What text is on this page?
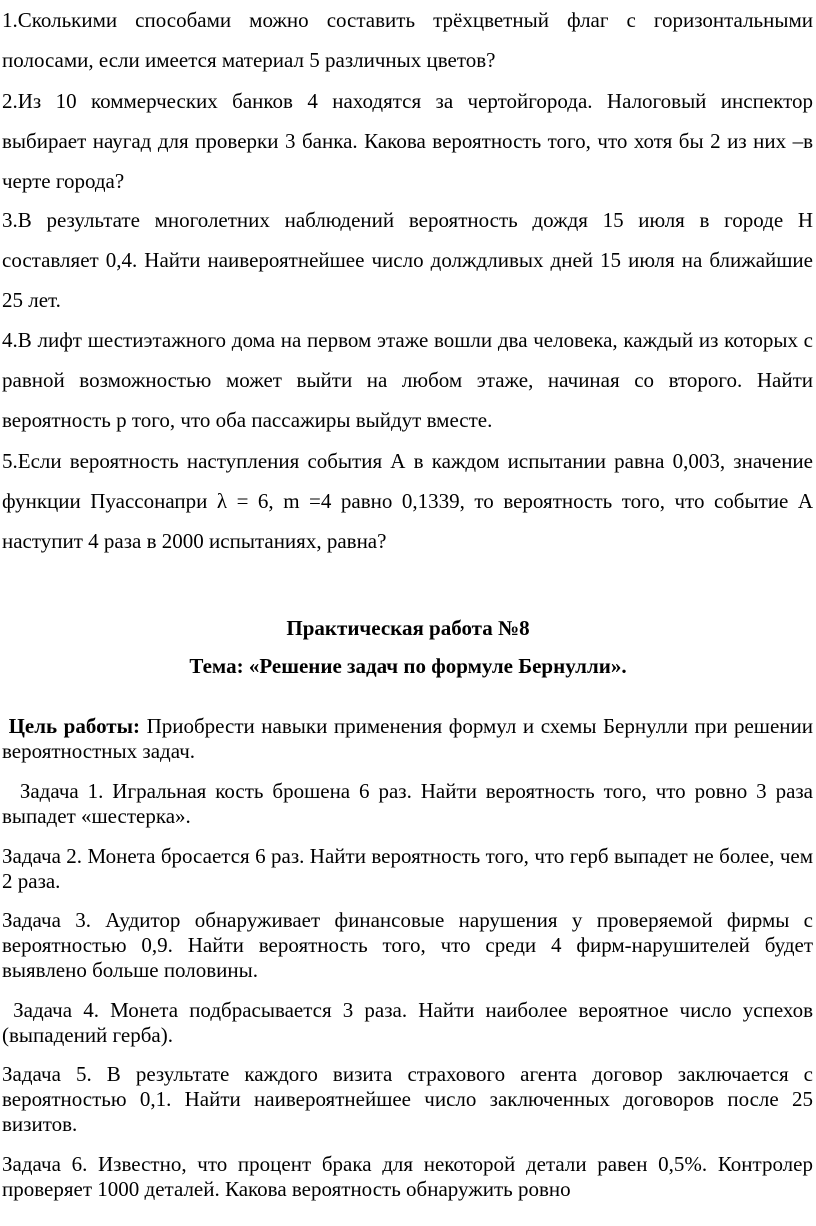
1.Сколькими способами можно составить трёхцветный флаг с горизонтальными полосами, если имеется материал 5 различных цветов?

2.Из 10 коммерческих банков 4 находятся за чертойгорода. Налоговый инспектор выбирает наугад для проверки 3 банка. Какова вероятность того, что хотя бы 2 из них –в черте города?

3.В результате многолетних наблюдений вероятность дождя 15 июля в городе Н составляет 0,4. Найти наивероятнейшее число долждливых дней 15 июля на ближайшие 25 лет.

4.В лифт шестиэтажного дома на первом этаже вошли два человека, каждый из которых с равной возможностью может выйти на любом этаже, начиная со второго. Найти вероятность р того, что оба пассажиры выйдут вместе.

5.Если вероятность наступления события А в каждом испытании равна 0,003, значение функции Пуассонапри λ = 6, m =4 равно 0,1339, то вероятность того, что событие А наступит 4 раза в 2000 испытаниях, равна?

Практическая работа №8

Тема: «Решение задач по формуле Бернулли».

Цель работы: Приобрести навыки применения формул и схемы Бернулли при решении вероятностных задач.

Задача 1. Игральная кость брошена 6 раз. Найти вероятность того, что ровно 3 раза выпадет «шестерка».

Задача 2. Монета бросается 6 раз. Найти вероятность того, что герб выпадет не более, чем 2 раза.

Задача 3. Аудитор обнаруживает финансовые нарушения у проверяемой фирмы с вероятностью 0,9. Найти вероятность того, что среди 4 фирм-нарушителей будет выявлено больше половины.

Задача 4. Монета подбрасывается 3 раза. Найти наиболее вероятное число успехов (выпадений герба).

Задача 5. В результате каждого визита страхового агента договор заключается с вероятностью 0,1. Найти наивероятнейшее число заключенных договоров после 25 визитов.

Задача 6. Известно, что процент брака для некоторой детали равен 0,5%. Контролер проверяет 1000 деталей. Какова вероятность обнаружить ровно
